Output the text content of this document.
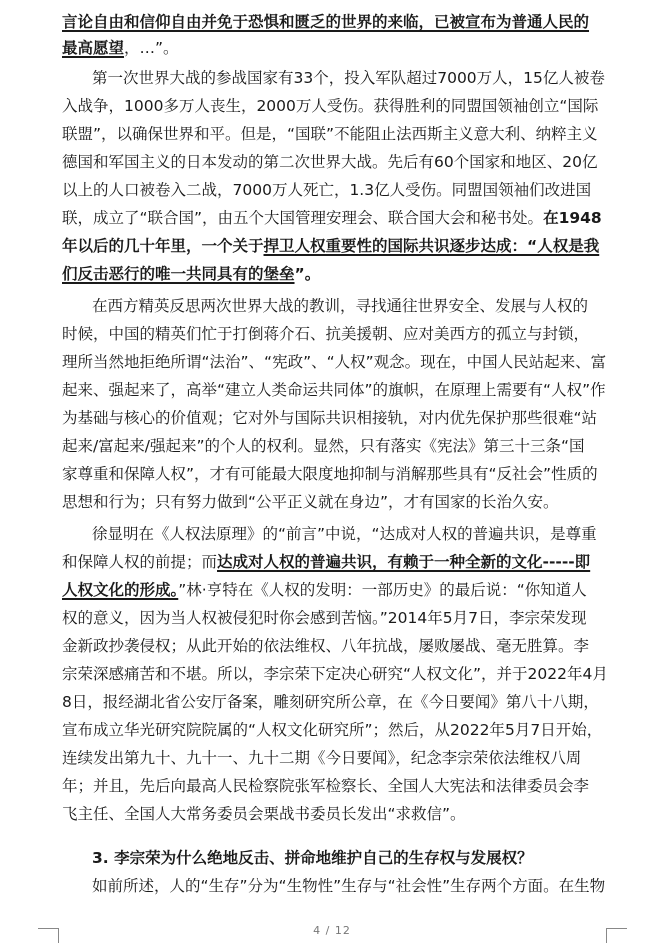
言论自由和信仰自由并免于恐惧和匮乏的世界的来临，已被宣布为普通人民的
最高愿望，…”。
第一次世界大战的参战国家有33个，投入军队超过7000万人，15亿人被卷
入战争，1000多万人丧生，2000万人受伤。获得胜利的同盟国领袖创立“国际
联盟”，以确保世界和平。但是，“国联”不能阻止法西斯主义意大利、纳粹主义
德国和军国主义的日本发动的第二次世界大战。先后有60个国家和地区、20亿
以上的人口被卷入二战，7000万人死亡，1.3亿人受伤。同盟国领袖们改进国
联，成立了“联合国”，由五个大国管理安理会、联合国大会和秘书处。在1948
年以后的几十年里，一个关于捍卫人权重要性的国际共识逐步达成：“人权是我
们反击恶行的唯一共同具有的堡垒”。
在西方精英反思两次世界大战的教训，寻找通往世界安全、发展与人权的
时候，中国的精英们忙于打倒蒋介石、抗美援朝、应对美西方的孤立与封锁，
理所当然地拒绝所谓“法治”、“宪政”、“人权”观念。现在，中国人民站起来、富
起来、强起来了，高举“建立人类命运共同体”的旗帜，在原理上需要有“人权”作
为基础与核心的价值观；它对外与国际共识相接轨，对内优先保护那些很难“站
起来/富起来/强起来”的个人的权利。显然，只有落实《宪法》第三十三条“国
家尊重和保障人权”，才有可能最大限度地抑制与消解那些具有“反社会”性质的
思想和行为；只有努力做到“公平正义就在身边”，才有国家的长治久安。
徐显明在《人权法原理》的“前言”中说，“达成对人权的普遍共识，是尊重
和保障人权的前提；而达成对人权的普遍共识，有赖于一种全新的文化-----即
人权文化的形成。”林·亨特在《人权的发明：一部历史》的最后说：“你知道人
权的意义，因为当人权被侵犯时你会感到苦恼。”2014年5月7日，李宗荣发现
金新政抄袭侵权；从此开始的依法维权、八年抗战，屡败屡战、毫无胜算。李
宗荣深感痛苦和不堪。所以，李宗荣下定决心研究“人权文化”，并于2022年4月
8日，报经湖北省公安厅备案，雕刻研究所公章，在《今日要闻》第八十八期，
宣布成立华光研究院院属的“人权文化研究所”；然后，从2022年5月7日开始，
连续发出第九十、九十一、九十二期《今日要闻》，纪念李宗荣依法维权八周
年；并且，先后向最高人民检察院张军检察长、全国人大宪法和法律委员会李
飞主任、全国人大常务委员会栗战书委员长发出“求救信”。
3. 李宗荣为什么绝地反击、拼命地维护自己的生存权与发展权？
如前所述，人的“生存”分为“生物性”生存与“社会性”生存两个方面。在生物
4 / 12
